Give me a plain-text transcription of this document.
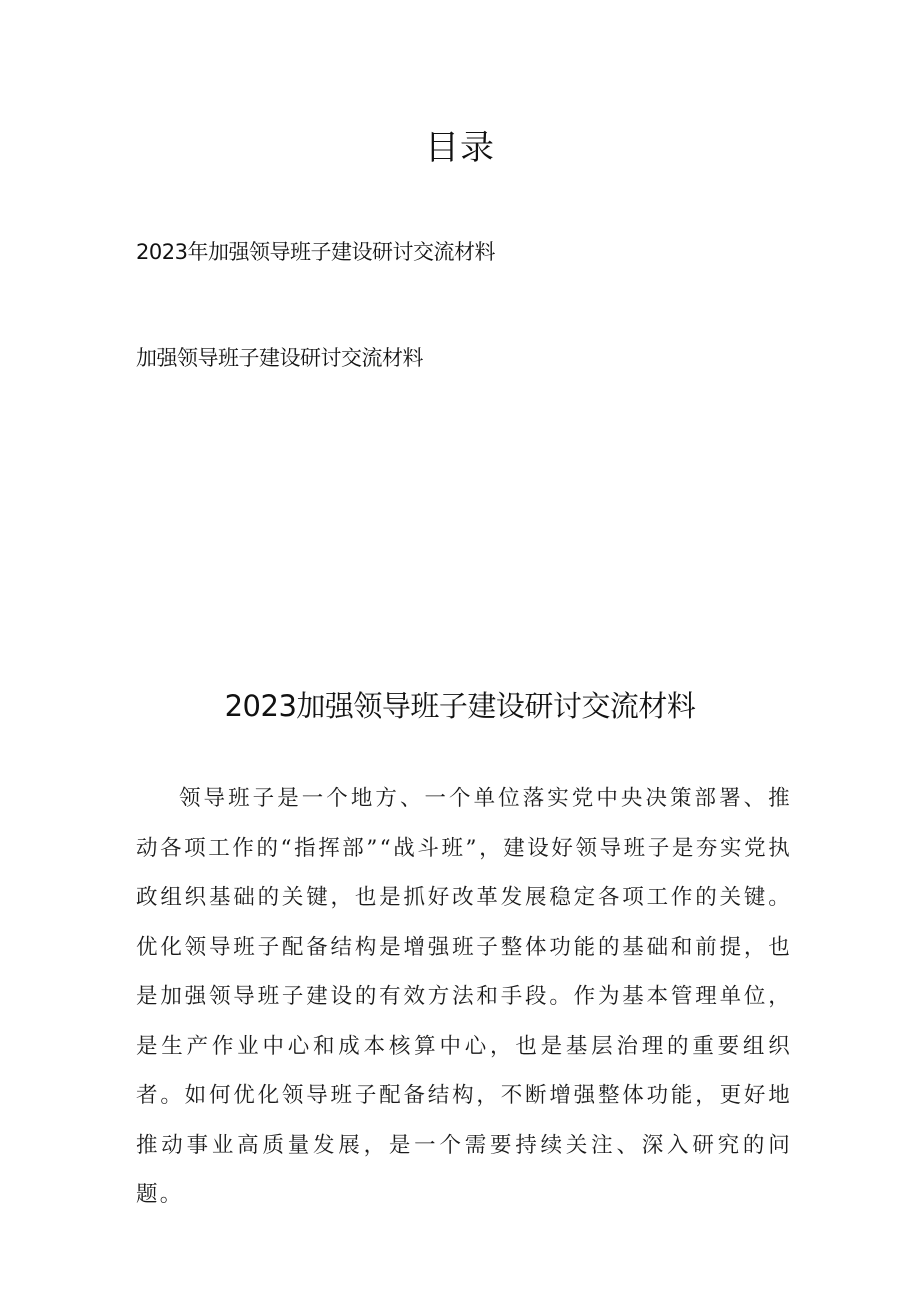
目录
2023年加强领导班子建设研讨交流材料
加强领导班子建设研讨交流材料
2023加强领导班子建设研讨交流材料

领导班子是一个地方、一个单位落实党中央决策部署、推动各项工作的“指挥部”“战斗班”，建设好领导班子是夯实党执政组织基础的关键，也是抓好改革发展稳定各项工作的关键。优化领导班子配备结构是增强班子整体功能的基础和前提，也是加强领导班子建设的有效方法和手段。作为基本管理单位，是生产作业中心和成本核算中心，也是基层治理的重要组织者。如何优化领导班子配备结构，不断增强整体功能，更好地推动事业高质量发展，是一个需要持续关注、深入研究的问题。
